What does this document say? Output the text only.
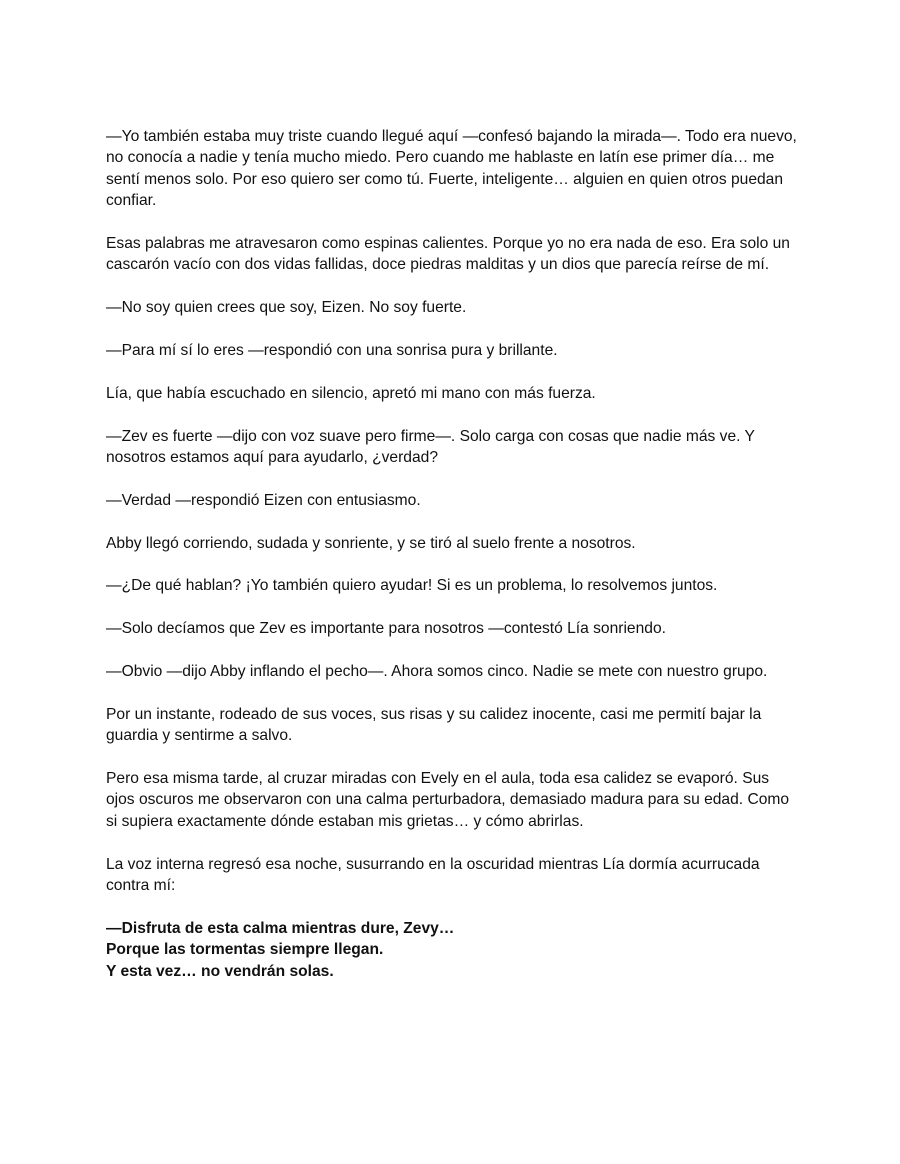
—Yo también estaba muy triste cuando llegué aquí —confesó bajando la mirada—. Todo era nuevo, no conocía a nadie y tenía mucho miedo. Pero cuando me hablaste en latín ese primer día… me sentí menos solo. Por eso quiero ser como tú. Fuerte, inteligente… alguien en quien otros puedan confiar.

Esas palabras me atravesaron como espinas calientes. Porque yo no era nada de eso. Era solo un cascarón vacío con dos vidas fallidas, doce piedras malditas y un dios que parecía reírse de mí.

—No soy quien crees que soy, Eizen. No soy fuerte.

—Para mí sí lo eres —respondió con una sonrisa pura y brillante.

Lía, que había escuchado en silencio, apretó mi mano con más fuerza.

—Zev es fuerte —dijo con voz suave pero firme—. Solo carga con cosas que nadie más ve. Y nosotros estamos aquí para ayudarlo, ¿verdad?

—Verdad —respondió Eizen con entusiasmo.

Abby llegó corriendo, sudada y sonriente, y se tiró al suelo frente a nosotros.

—¿De qué hablan? ¡Yo también quiero ayudar! Si es un problema, lo resolvemos juntos.

—Solo decíamos que Zev es importante para nosotros —contestó Lía sonriendo.

—Obvio —dijo Abby inflando el pecho—. Ahora somos cinco. Nadie se mete con nuestro grupo.

Por un instante, rodeado de sus voces, sus risas y su calidez inocente, casi me permití bajar la guardia y sentirme a salvo.

Pero esa misma tarde, al cruzar miradas con Evely en el aula, toda esa calidez se evaporó. Sus ojos oscuros me observaron con una calma perturbadora, demasiado madura para su edad. Como si supiera exactamente dónde estaban mis grietas… y cómo abrirlas.

La voz interna regresó esa noche, susurrando en la oscuridad mientras Lía dormía acurrucada contra mí:

—Disfruta de esta calma mientras dure, Zevy…
Porque las tormentas siempre llegan.
Y esta vez… no vendrán solas.
